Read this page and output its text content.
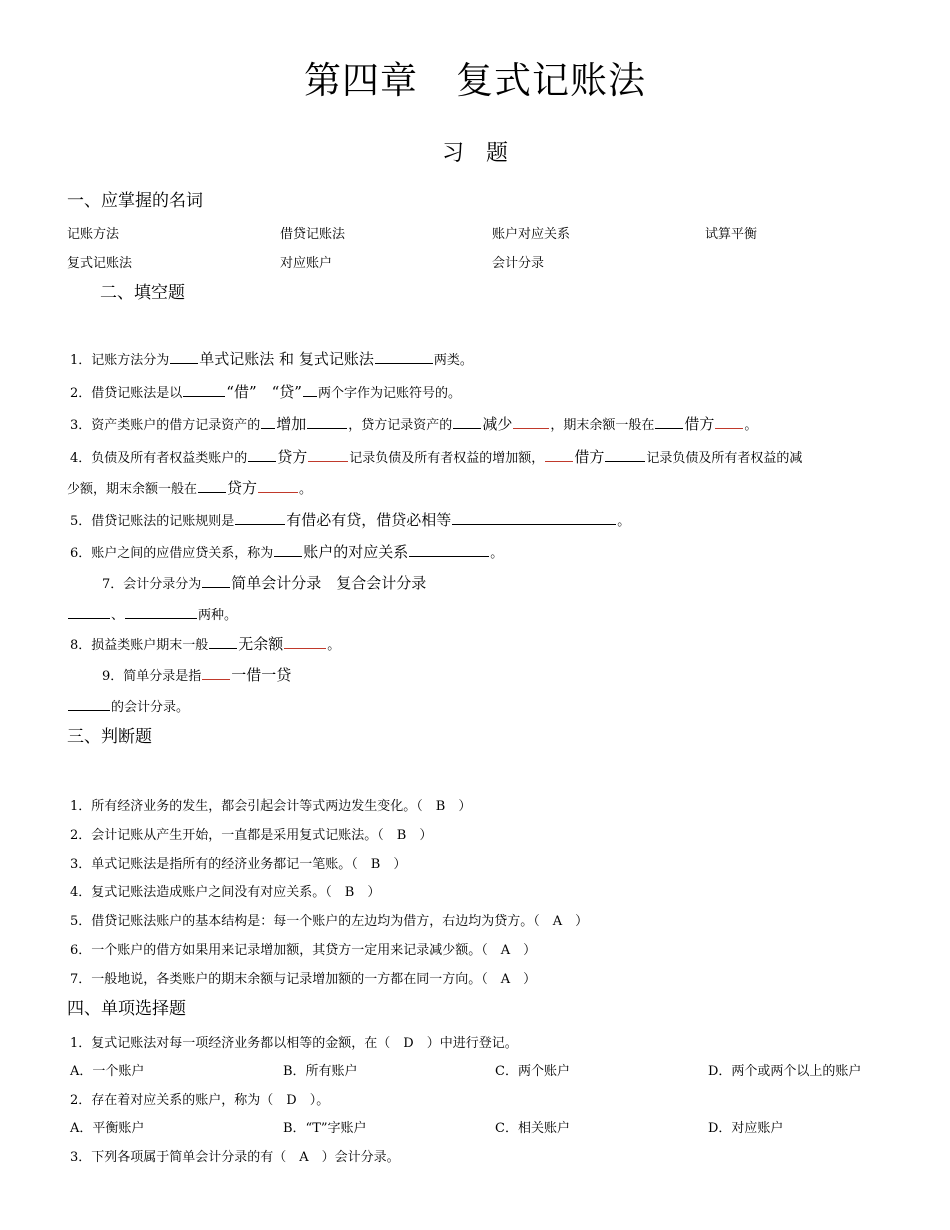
第四章　复式记账法
习　题
一、应掌握的名词
记账方法	借贷记账法	账户对应关系	试算平衡
复式记账法	对应账户	会计分录
二、填空题
1．记账方法分为 单式记账法 和 复式记账法	两类。
2．借贷记账法是以	“借”　“贷” 两个字作为记账符号的。
3．资产类账户的借方记录资产的 增加	，贷方记录资产的 减少	，期末余额一般在 借方 。
4．负债及所有者权益类账户的 贷方	记录负债及所有者权益的增加额， 借方	记录负债及所有者权益的减
少额，期末余额一般在 贷方	。
5．借贷记账法的记账规则是	有借必有贷，借贷必相等	。
6．账户之间的应借应贷关系，称为 账户的对应关系	。
7．会计分录分为 简单会计分录　复合会计分录
、	两种。
8．损益类账户期末一般 无余额	。
9．简单分录是指 一借一贷
的会计分录。
三、判断题
1．所有经济业务的发生，都会引起会计等式两边发生变化。（　B　）
2．会计记账从产生开始，一直都是采用复式记账法。（　B　）
3．单式记账法是指所有的经济业务都记一笔账。（　B　）
4．复式记账法造成账户之间没有对应关系。（　B　）
5．借贷记账法账户的基本结构是：每一个账户的左边均为借方，右边均为贷方。（　A　）
6．一个账户的借方如果用来记录增加额，其贷方一定用来记录减少额。（　A　）
7．一般地说，各类账户的期末余额与记录增加额的一方都在同一方向。（　A　）
四、单项选择题
1．复式记账法对每一项经济业务都以相等的金额，在（　D　）中进行登记。
A．一个账户	B．所有账户	C．两个账户	D．两个或两个以上的账户
2．存在着对应关系的账户，称为（　D　）。
A．平衡账户	B．“T”字账户	C．相关账户	D．对应账户
3．下列各项属于简单会计分录的有（　A　）会计分录。
